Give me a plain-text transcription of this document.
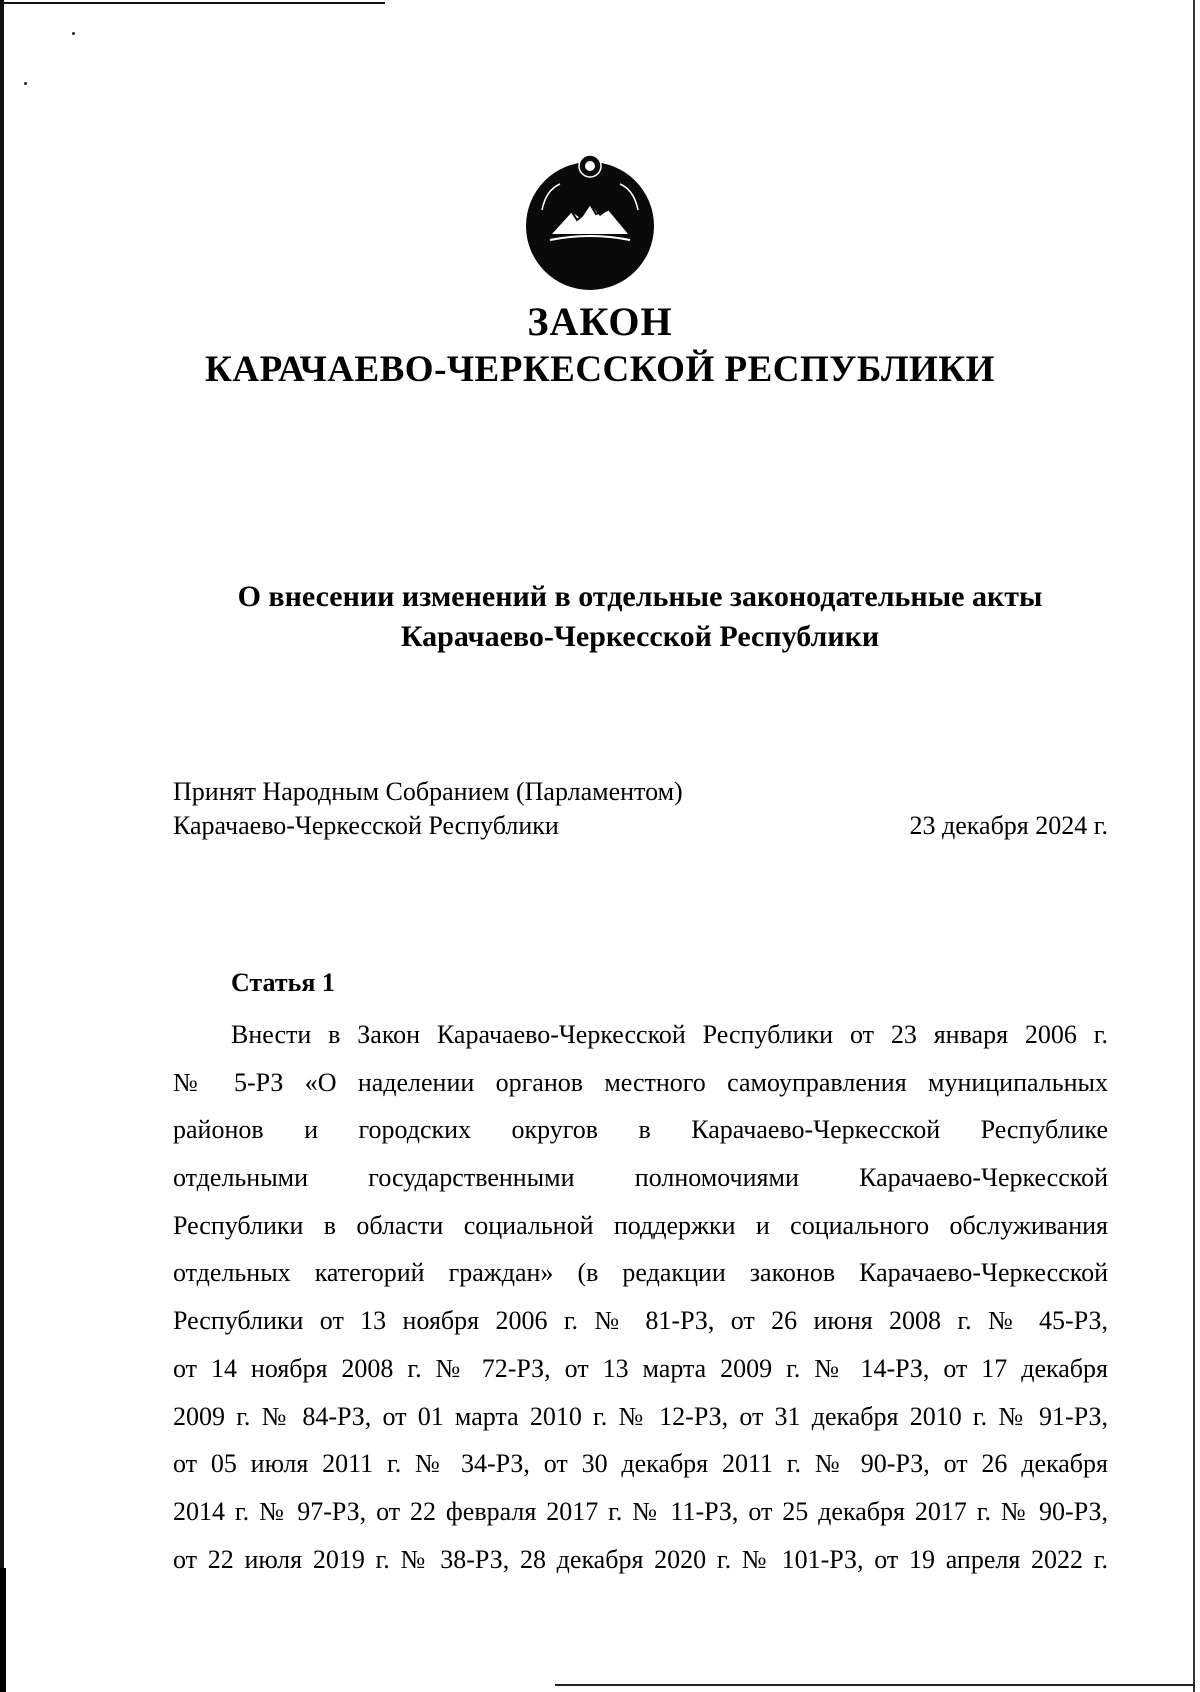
ЗАКОН
КАРАЧАЕВО-ЧЕРКЕССКОЙ РЕСПУБЛИКИ
О внесении изменений в отдельные законодательные акты
Карачаево-Черкесской Республики
Принят Народным Собранием (Парламентом)
Карачаево-Черкесской Республики	23 декабря 2024 г.
Статья 1
Внести в Закон Карачаево-Черкесской Республики от 23 января 2006 г.
№ 5-РЗ «О наделении органов местного самоуправления муниципальных
районов и городских округов в Карачаево-Черкесской Республике
отдельными государственными полномочиями Карачаево-Черкесской
Республики в области социальной поддержки и социального обслуживания
отдельных категорий граждан» (в редакции законов Карачаево-Черкесской
Республики от 13 ноября 2006 г. № 81-РЗ, от 26 июня 2008 г. № 45-РЗ,
от 14 ноября 2008 г. № 72-РЗ, от 13 марта 2009 г. № 14-РЗ, от 17 декабря
2009 г. № 84-РЗ, от 01 марта 2010 г. № 12-РЗ, от 31 декабря 2010 г. № 91-РЗ,
от 05 июля 2011 г. № 34-РЗ, от 30 декабря 2011 г. № 90-РЗ, от 26 декабря
2014 г. № 97-РЗ, от 22 февраля 2017 г. № 11-РЗ, от 25 декабря 2017 г. № 90-РЗ,
от 22 июля 2019 г. № 38-РЗ, 28 декабря 2020 г. № 101-РЗ, от 19 апреля 2022 г.
